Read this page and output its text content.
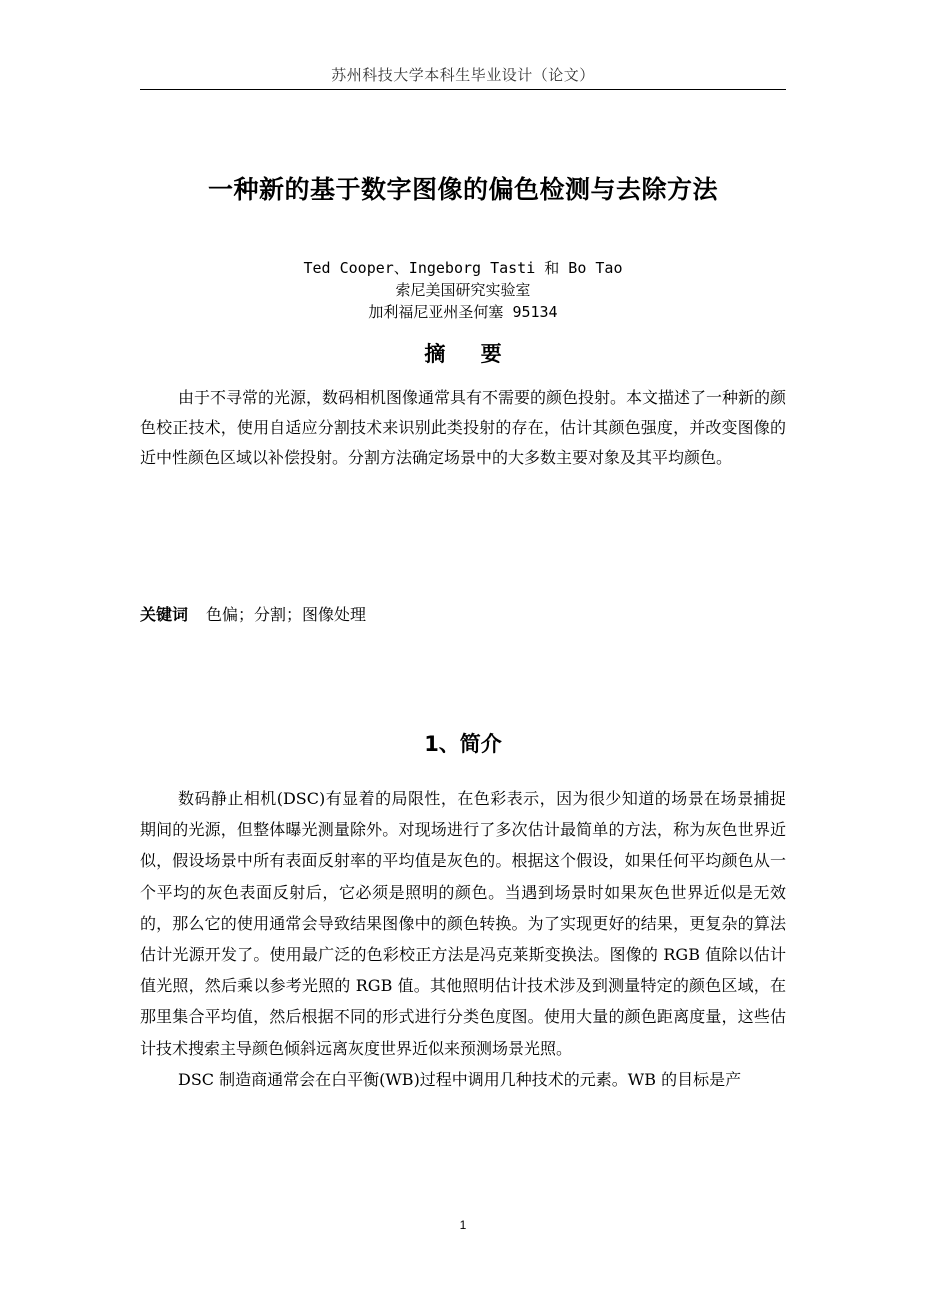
苏州科技大学本科生毕业设计（论文）
一种新的基于数字图像的偏色检测与去除方法
Ted Cooper、Ingeborg Tasti 和 Bo Tao
索尼美国研究实验室
加利福尼亚州圣何塞 95134
摘 要

由于不寻常的光源，数码相机图像通常具有不需要的颜色投射。本文描述了一种新的颜色校正技术，使用自适应分割技术来识别此类投射的存在，估计其颜色强度，并改变图像的近中性颜色区域以补偿投射。分割方法确定场景中的大多数主要对象及其平均颜色。

关键词 色偏；分割；图像处理
1、简介

数码静止相机(DSC)有显着的局限性，在色彩表示，因为很少知道的场景在场景捕捉期间的光源，但整体曝光测量除外。对现场进行了多次估计最简单的方法，称为灰色世界近似，假设场景中所有表面反射率的平均值是灰色的。根据这个假设，如果任何平均颜色从一个平均的灰色表面反射后，它必须是照明的颜色。当遇到场景时如果灰色世界近似是无效的，那么它的使用通常会导致结果图像中的颜色转换。为了实现更好的结果，更复杂的算法估计光源开发了。使用最广泛的色彩校正方法是冯克莱斯变换法。图像的 RGB 值除以估计值光照，然后乘以参考光照的 RGB 值。其他照明估计技术涉及到测量特定的颜色区域，在那里集合平均值，然后根据不同的形式进行分类色度图。使用大量的颜色距离度量，这些估计技术搜索主导颜色倾斜远离灰度世界近似来预测场景光照。

DSC 制造商通常会在白平衡(WB)过程中调用几种技术的元素。WB 的目标是产

1
